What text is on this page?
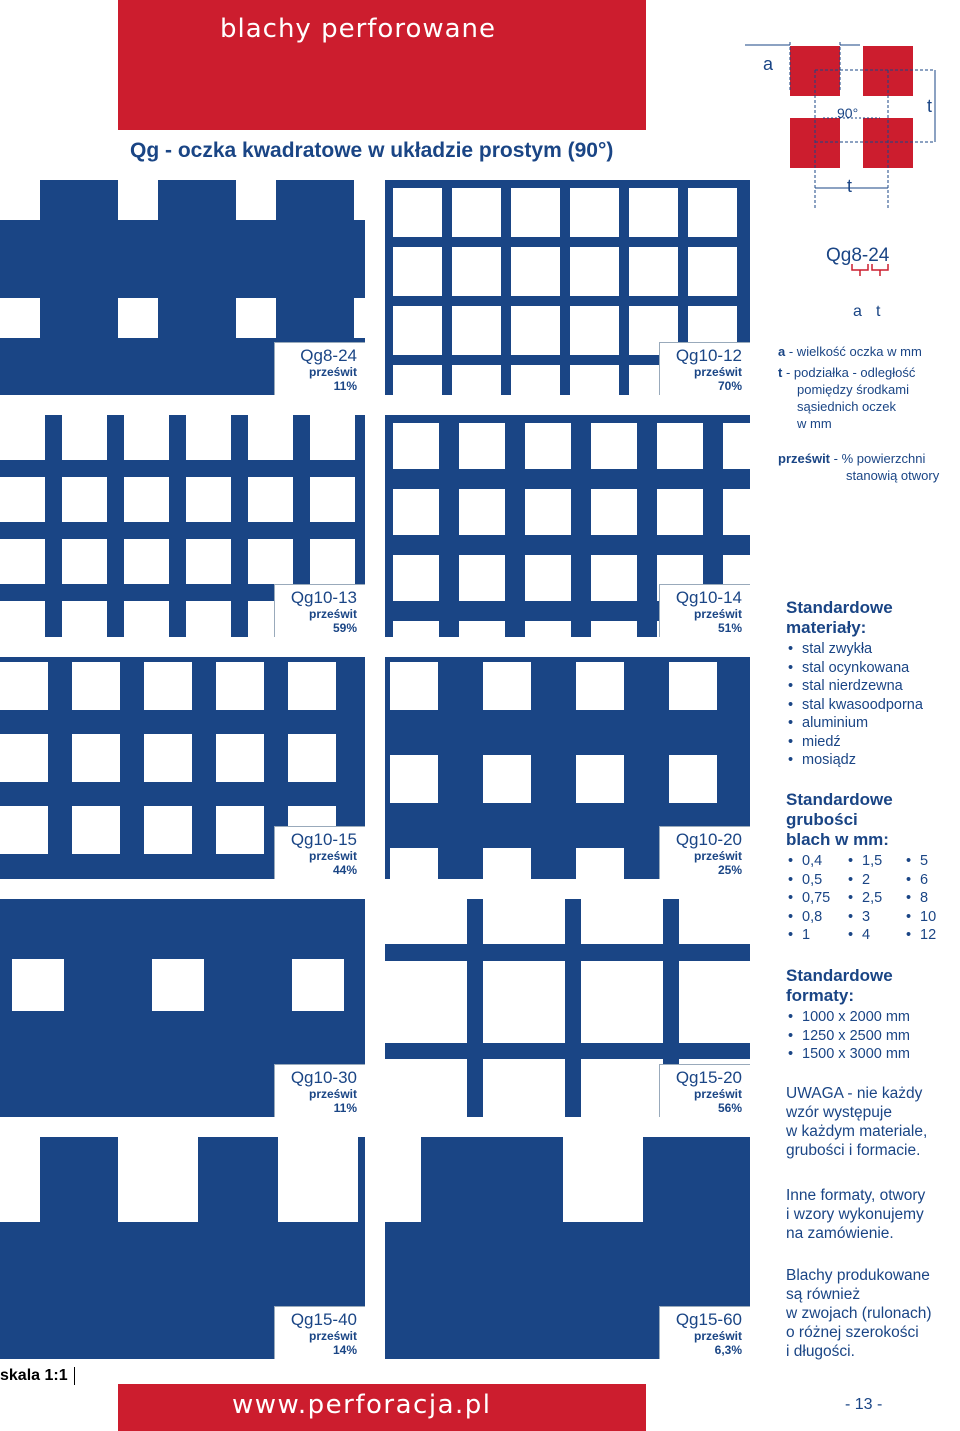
blachy perforowane
Qg - oczka kwadratowe w układzie prostym (90°)
a
t
90°
t
Qg8-24
a t
a - wielkość oczka w mm
t - podziałka - odległość
pomiędzy środkami
sąsiednich oczek
w mm
prześwit - % powierzchni
stanowią otwory
Qg8-24
prześwit 11%
Qg10-12
prześwit 70%
Qg10-13
prześwit 59%
Qg10-14
prześwit 51%
Qg10-15
prześwit 44%
Qg10-20
prześwit 25%
Qg10-30
prześwit 11%
Qg15-20
prześwit 56%
Qg15-40
prześwit 14%
Qg15-60
prześwit 6,3%
Standardowe
materiały:
• stal zwykła
• stal ocynkowana
• stal nierdzewna
• stal kwasoodporna
• aluminium
• miedź
• mosiądz
Standardowe
grubości
blach w mm:
• 0,4	• 1,5	• 5
• 0,5	• 2	• 6
• 0,75	• 2,5	• 8
• 0,8	• 3	• 10
• 1	• 4	• 12
Standardowe
formaty:
• 1000 x 2000 mm
• 1250 x 2500 mm
• 1500 x 3000 mm
UWAGA - nie każdy
wzór występuje
w każdym materiale,
grubości i formacie.
Inne formaty, otwory
i wzory wykonujemy
na zamówienie.
Blachy produkowane
są również
w zwojach (rulonach)
o różnej szerokości
i długości.
skala 1:1
www.perforacja.pl	- 13 -
